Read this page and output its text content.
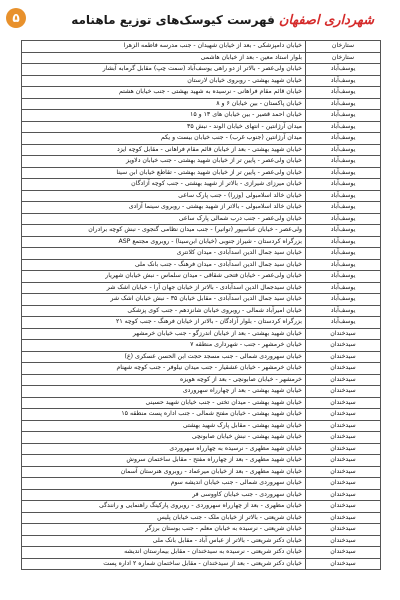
۵	فهرست کیوسک‌های توزیع ماهنامه شهرداری اصفهان
ستارخان	خیابان دامپزشکی - بعد از خیابان شهیدان - جنب مدرسه فاطمه الزهرا
ستارخان	بلوار استاد معین - بعد از خیابان هاشمی
یوسف‌آباد	خیابان ولی‌عصر - بالاتر از دو راهی یوسف‌آباد (سمت چپ) مقابل گرمابه آبشار
یوسف‌آباد	خیابان شهید بهشتی - روبروی خیابان لارستان
یوسف‌آباد	خیابان قائم مقام فراهانی - نرسیده به شهید بهشتی - جنب خیابان هشتم
یوسف‌آباد	خیابان پاکستان - بین خیابان ۶ و ۸
یوسف‌آباد	خیابان احمد قصیر - بین خیابان های ۱۳ و ۱۵
یوسف‌آباد	میدان آرژانتین - انتهای خیابان الوند - نبش ۳۵
یوسف‌آباد	میدان آرژانتین (جنوب غرب) - جنب خیابان بیست و یکم
یوسف‌آباد	خیابان شهید بهشتی - بعد از خیابان قائم مقام فراهانی - مقابل کوچه ایزد
یوسف‌آباد	خیابان ولی‌عصر - پایین تر از خیابان شهید بهشتی - جنب خیابان دلاویز
یوسف‌آباد	خیابان ولی‌عصر - پایین تر از خیابان شهید بهشتی - تقاطع خیابان ابن سینا
یوسف‌آباد	خیابان میرزای شیرازی - بالاتر از شهید بهشتی - جنب کوچه آزادگان
یوسف‌آباد	خیابان خالد اسلامبولی (وزرا) - جنب پارک ساعی
یوسف‌آباد	خیابان خالد اسلامبولی - بالاتر از شهید بهشتی - روبروی سینما آزادی
یوسف‌آباد	خیابان ولی‌عصر - جنب درب شمالی پارک ساعی
یوسف‌آباد	ولی‌عصر - خیابان عباسپور (توانیر) - جنب میدان نظامی گنجوی - نبش کوچه برادران
یوسف‌آباد	بزرگراه کردستان - شیراز جنوبی (خیابان ابن‌سینا) - روبروی مجتمع ASP
یوسف‌آباد	خیابان سید جمال الدین اسدآبادی - میدان کلانتری
یوسف‌آباد	خیابان سید جمال الدین اسدآبادی - میدان فرهنگ - جنب بانک ملی
یوسف‌آباد	خیابان ولی‌عصر - خیابان فتحی شقاقی - میدان سلماس - نبش خیابان شهریار
یوسف‌آباد	خیابان سیدجمال الدین اسدآبادی - بالاتر از خیابان جهان آرا - خیابان اشک شر
یوسف‌آباد	خیابان سید جمال الدین اسدآبادی - مقابل خیابان ۳۵ - نبش خیابان اشک شر
یوسف‌آباد	خیابان امیرآباد شمالی - روبروی خیابان شانزدهم - جنب کوی پزشکی
یوسف‌آباد	بزرگراه کردستان - بلوار آزادگان - بالاتر از خیابان فرهنگ - جنب کوچه ۲۱
سیدخندان	خیابان شهید بهشتی - بعد از خیابان اندرزگو - جنب خیابان خرمشهر
سیدخندان	خیابان خرمشهر - جنب - شهرداری منطقه ۷
سیدخندان	خیابان سهروردی شمالی - جنب مسجد حجت ابن الحسن عسکری (ع)
سیدخندان	خیابان خرمشهر - خیابان عشقیار - جنب میدان نیلوفر - جنب کوچه شهنام
سیدخندان	خرمشهر - خیابان صابونچی - بعد از کوچه هویزه
سیدخندان	خیابان شهید بهشتی - بعد از چهارراه سهروردی
سیدخندان	خیابان شهید بهشتی - میدان تختی - جنب خیابان شهید حسینی
سیدخندان	خیابان شهید بهشتی - خیابان مفتح شمالی - جنب اداره پست منطقه ۱۵
سیدخندان	خیابان شهید بهشتی - مقابل پارک شهید بهشتی
سیدخندان	خیابان شهید بهشتی - نبش خیابان صابونچی
سیدخندان	خیابان شهید مطهری - نرسیده به چهارراه سهروردی
سیدخندان	خیابان شهید مطهری - بعد از چهارراه مفتح - مقابل ساختمان سروش
سیدخندان	خیابان شهید مطهری - بعد از خیابان میرعماد - روبروی هنرستان آسمان
سیدخندان	خیابان سهروردی شمالی - جنب خیابان اندیشه سوم
سیدخندان	خیابان سهروردی - جنب خیابان کاووسی فر
سیدخندان	خیابان مطهری - بعد از چهارراه سهروردی - روبروی پارکینگ راهنمایی و رانندگی
سیدخندان	خیابان شریعتی - بالاتر از خیابان ملک - جنب خیابان پلیس
سیدخندان	خیابان شریعتی - نرسیده به خیابان معلم - جنب بوستان برزگر
سیدخندان	خیابان دکتر شریعتی - بالاتر از عباس آباد - مقابل بانک ملی
سیدخندان	خیابان دکتر شریعتی - نرسیده به سیدخندان - مقابل بیمارستان اندیشه
سیدخندان	خیابان دکتر شریعتی - بعد از سیدخندان - مقابل ساختمان شماره ۲ اداره پست
